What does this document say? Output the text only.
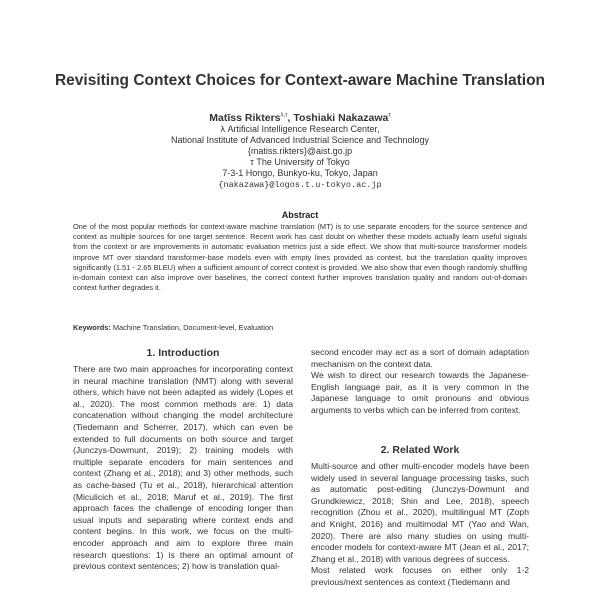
Revisiting Context Choices for Context-aware Machine Translation
Matīss Rikters$^{\lambda,\tau}$, Toshiaki Nakazawa$^\tau$
λ Artificial Intelligence Research Center,
National Institute of Advanced Industrial Science and Technology
{matiss.rikters}@aist.go.jp
τ The University of Tokyo
7-3-1 Hongo, Bunkyo-ku, Tokyo, Japan
{nakazawa}@logos.t.u-tokyo.ac.jp
Abstract
One of the most popular methods for context-aware machine translation (MT) is to use separate encoders for the source sentence and context as multiple sources for one target sentence. Recent work has cast doubt on whether these models actually learn useful signals from the context or are improvements in automatic evaluation metrics just a side effect. We show that multi-source transformer models improve MT over standard transformer-base models even with empty lines provided as context, but the translation quality improves significantly (1.51 - 2.65 BLEU) when a sufficient amount of correct context is provided. We also show that even though randomly shuffling in-domain context can also improve over baselines, the correct context further improves translation quality and random out-of-domain context further degrades it.
Keywords: Machine Translation, Document-level, Evaluation
1. Introduction

There are two main approaches for incorporating context in neural machine translation (NMT) along with several others, which have not been adapted as widely (Lopes et al., 2020). The most common methods are: 1) data concatenation without changing the model architecture (Tiedemann and Scherrer, 2017), which can even be extended to full documents on both source and target (Junczys-Dowmunt, 2019); 2) training models with multiple separate encoders for main sentences and context (Zhang et al., 2018); and 3) other methods, such as cache-based (Tu et al., 2018), hierarchical attention (Miculicich et al., 2018; Maruf et al., 2019). The first approach faces the challenge of encoding longer than usual inputs and separating where context ends and content begins. In this work, we focus on the multi-encoder approach and aim to explore three main research questions: 1) is there an optimal amount of previous context sentences; 2) how is translation qual-

second encoder may act as a sort of domain adaptation mechanism on the context data.

We wish to direct our research towards the Japanese-English language pair, as it is very common in the Japanese language to omit pronouns and obvious arguments to verbs which can be inferred from context.

2. Related Work

Multi-source and other multi-encoder models have been widely used in several language processing tasks, such as automatic post-editing (Junczys-Dowmunt and Grundkiewicz, 2018; Shin and Lee, 2018), speech recognition (Zhou et al., 2020), multilingual MT (Zoph and Knight, 2016) and multimodal MT (Yao and Wan, 2020). There are also many studies on using multi-encoder models for context-aware MT (Jean et al., 2017; Zhang et al., 2018) with various degrees of success.

Most related work focuses on either only 1-2 previous/next sentences as context (Tiedemann and
